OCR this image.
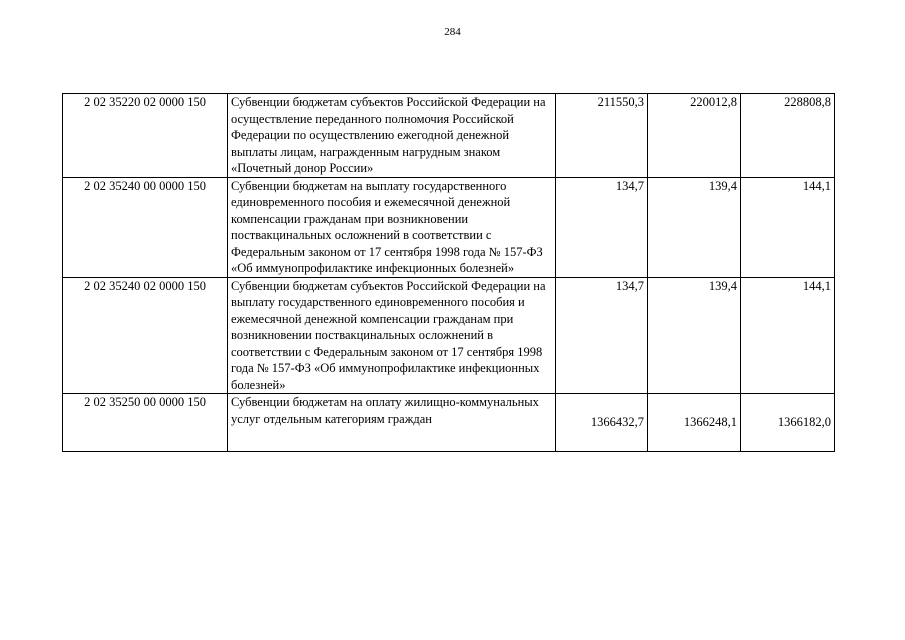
284
2 02 35220 02 0000 150	Субвенции бюджетам субъектов Российской Федерации на осуществление переданного полномочия Российской Федерации по осуществлению ежегодной денежной выплаты лицам, награжденным нагрудным знаком «Почетный донор России»	211550,3	220012,8	228808,8
2 02 35240 00 0000 150	Субвенции бюджетам на выплату государственного единовременного пособия и ежемесячной денежной компенсации гражданам при возникновении поствакцинальных осложнений в соответствии с Федеральным законом от 17 сентября 1998 года № 157-ФЗ «Об иммунопрофилактике инфекционных болезней»	134,7	139,4	144,1
2 02 35240 02 0000 150	Субвенции бюджетам субъектов Российской Федерации на выплату государственного единовременного пособия и ежемесячной денежной компенсации гражданам при возникновении поствакцинальных осложнений в соответствии с Федеральным законом от 17 сентября 1998 года № 157-ФЗ «Об иммунопрофилактике инфекционных болезней»	134,7	139,4	144,1
2 02 35250 00 0000 150	Субвенции бюджетам на оплату жилищно-коммунальных услуг отдельным категориям граждан	1366432,7	1366248,1	1366182,0
